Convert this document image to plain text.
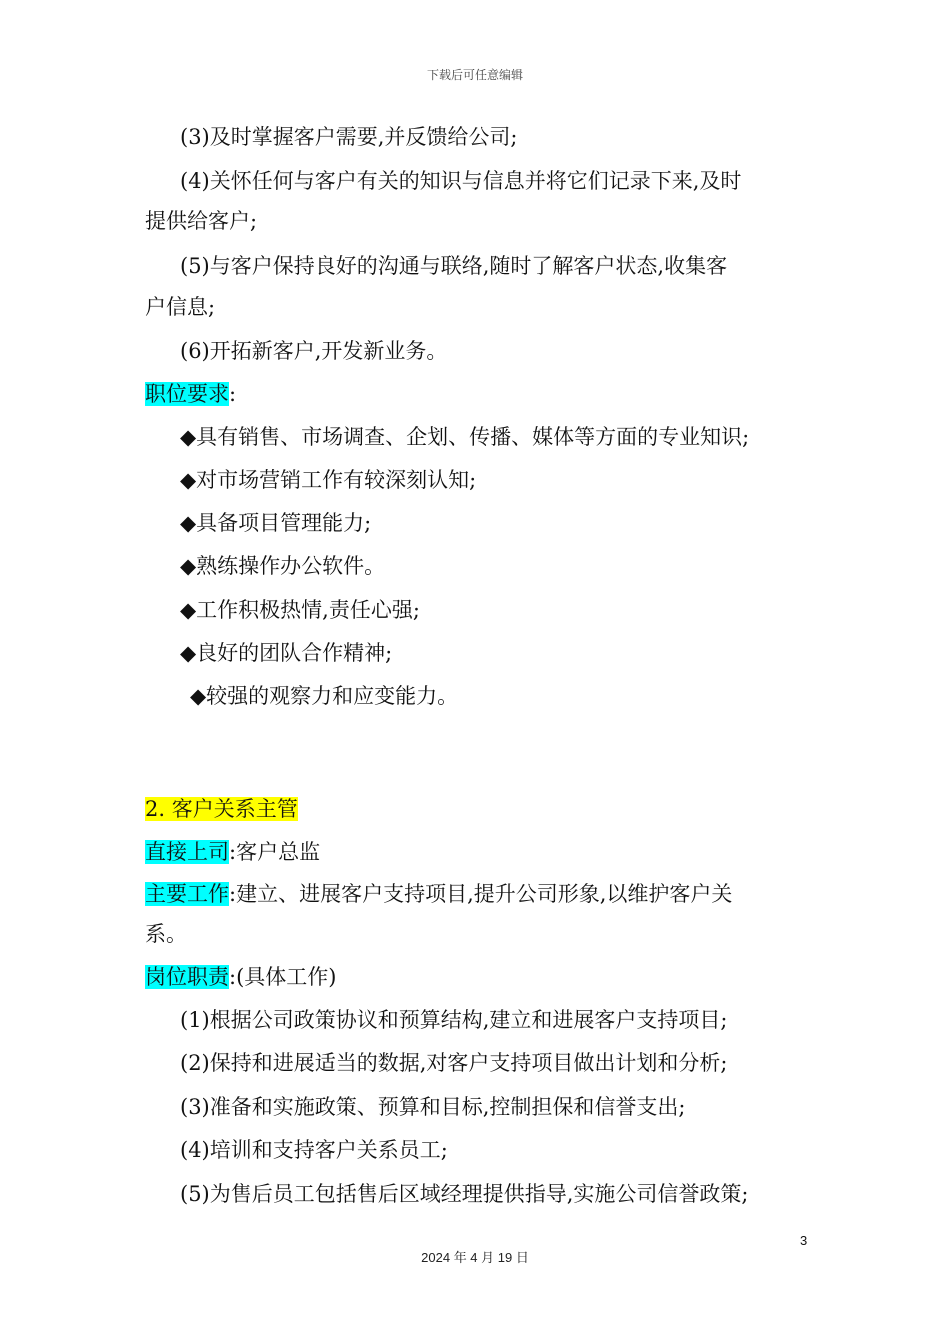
下载后可任意编辑
(3)及时掌握客户需要,并反馈给公司;
(4)关怀任何与客户有关的知识与信息并将它们记录下来,及时
提供给客户;
(5)与客户保持良好的沟通与联络,随时了解客户状态,收集客
户信息;
(6)开拓新客户,开发新业务。
职位要求:
◆具有销售、市场调查、企划、传播、媒体等方面的专业知识;
◆对市场营销工作有较深刻认知;
◆具备项目管理能力;
◆熟练操作办公软件。
◆工作积极热情,责任心强;
◆良好的团队合作精神;
◆较强的观察力和应变能力。
2. 客户关系主管
直接上司:客户总监
主要工作:建立、进展客户支持项目,提升公司形象,以维护客户关
系。
岗位职责:(具体工作)
(1)根据公司政策协议和预算结构,建立和进展客户支持项目;
(2)保持和进展适当的数据,对客户支持项目做出计划和分析;
(3)准备和实施政策、预算和目标,控制担保和信誉支出;
(4)培训和支持客户关系员工;
(5)为售后员工包括售后区域经理提供指导,实施公司信誉政策;
3
2024 年 4 月 19 日
